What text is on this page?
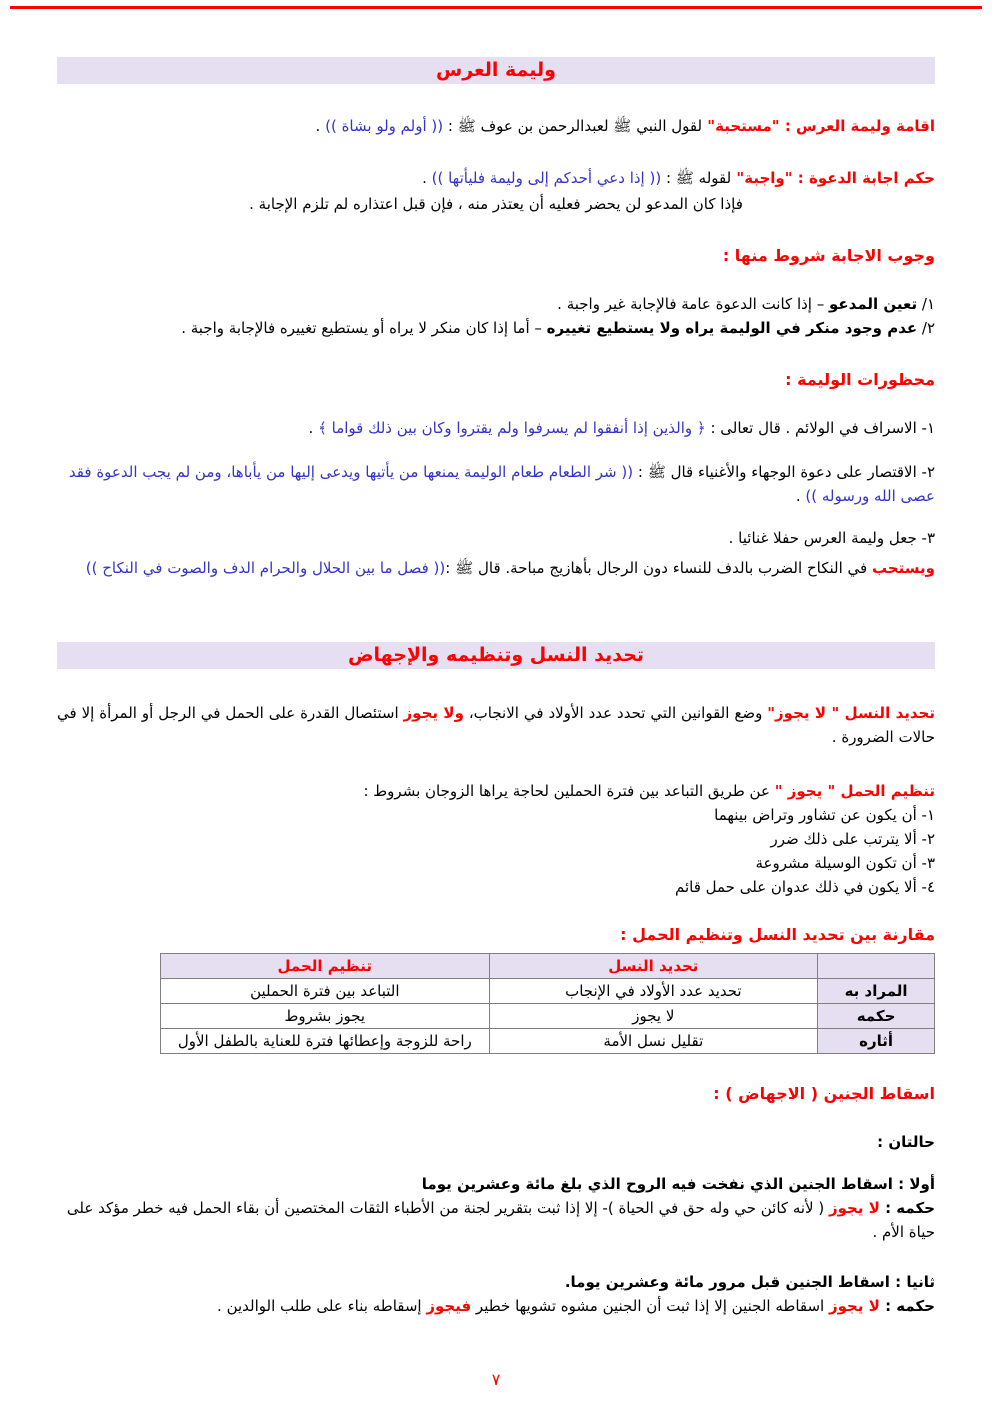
وليمة العرس

اقامة وليمة العرس : "مستحبة" لقول النبي ﷺ لعبدالرحمن بن عوف ﷺ : (( أولم ولو بشاة )) .

حكم اجابة الدعوة : "واجبة" لقوله ﷺ : (( إذا دعي أحدكم إلى وليمة فليأتها )) .

فإذا كان المدعو لن يحضر فعليه أن يعتذر منه ، فإن قبل اعتذاره لم تلزم الإجابة .

وجوب الاجابة شروط منها :

١/ تعين المدعو – إذا كانت الدعوة عامة فالإجابة غير واجبة .

٢/ عدم وجود منكر في الوليمة يراه ولا يستطيع تغييره – أما إذا كان منكر لا يراه أو يستطيع تغييره فالإجابة واجبة .

محظورات الوليمة :

١- الاسراف في الولائم . قال تعالى : ﴿ والذين إذا أنفقوا لم يسرفوا ولم يقتروا وكان بين ذلك قواما ﴾ .

٢- الاقتصار على دعوة الوجهاء والأغنياء قال ﷺ : (( شر الطعام طعام الوليمة يمنعها من يأتيها ويدعى إليها من يأباها، ومن لم يجب الدعوة فقد عصى الله ورسوله )) .

٣- جعل وليمة العرس حفلا غنائيا .

ويستحب في النكاح الضرب بالدف للنساء دون الرجال بأهازيج مباحة. قال ﷺ :(( فصل ما بين الحلال والحرام الدف والصوت في النكاح ))

تحديد النسل وتنظيمه والإجهاض

تحديد النسل " لا يجوز" وضع القوانين التي تحدد عدد الأولاد في الانجاب، ولا يجوز استئصال القدرة على الحمل في الرجل أو المرأة إلا في حالات الضرورة .

تنظيم الحمل " يجوز " عن طريق التباعد بين فترة الحملين لحاجة يراها الزوجان بشروط :

١- أن يكون عن تشاور وتراض بينهما
٢- ألا يترتب على ذلك ضرر
٣- أن تكون الوسيلة مشروعة
٤- ألا يكون في ذلك عدوان على حمل قائم
مقارنة بين تحديد النسل وتنظيم الحمل :
	تحديد النسل	تنظيم الحمل
المراد به	تحديد عدد الأولاد في الإنجاب	التباعد بين فترة الحملين
حكمه	لا يجوز	يجوز بشروط
أثاره	تقليل نسل الأمة	راحة للزوجة وإعطائها فترة للعناية بالطفل الأول
اسقاط الجنين ( الاجهاض ) :

حالتان :

أولا : اسقاط الجنين الذي نفخت فيه الروح الذي بلغ مائة وعشرين يوما

حكمه : لا يجوز ( لأنه كائن حي وله حق في الحياة )- إلا إذا ثبت بتقرير لجنة من الأطباء الثقات المختصين أن بقاء الحمل فيه خطر مؤكد على حياة الأم .

ثانيا : اسقاط الجنين قبل مرور مائة وعشرين يوما.

حكمه : لا يجوز اسقاطه الجنين إلا إذا ثبت أن الجنين مشوه تشويها خطير فيجوز إسقاطه بناء على طلب الوالدين .

٧
